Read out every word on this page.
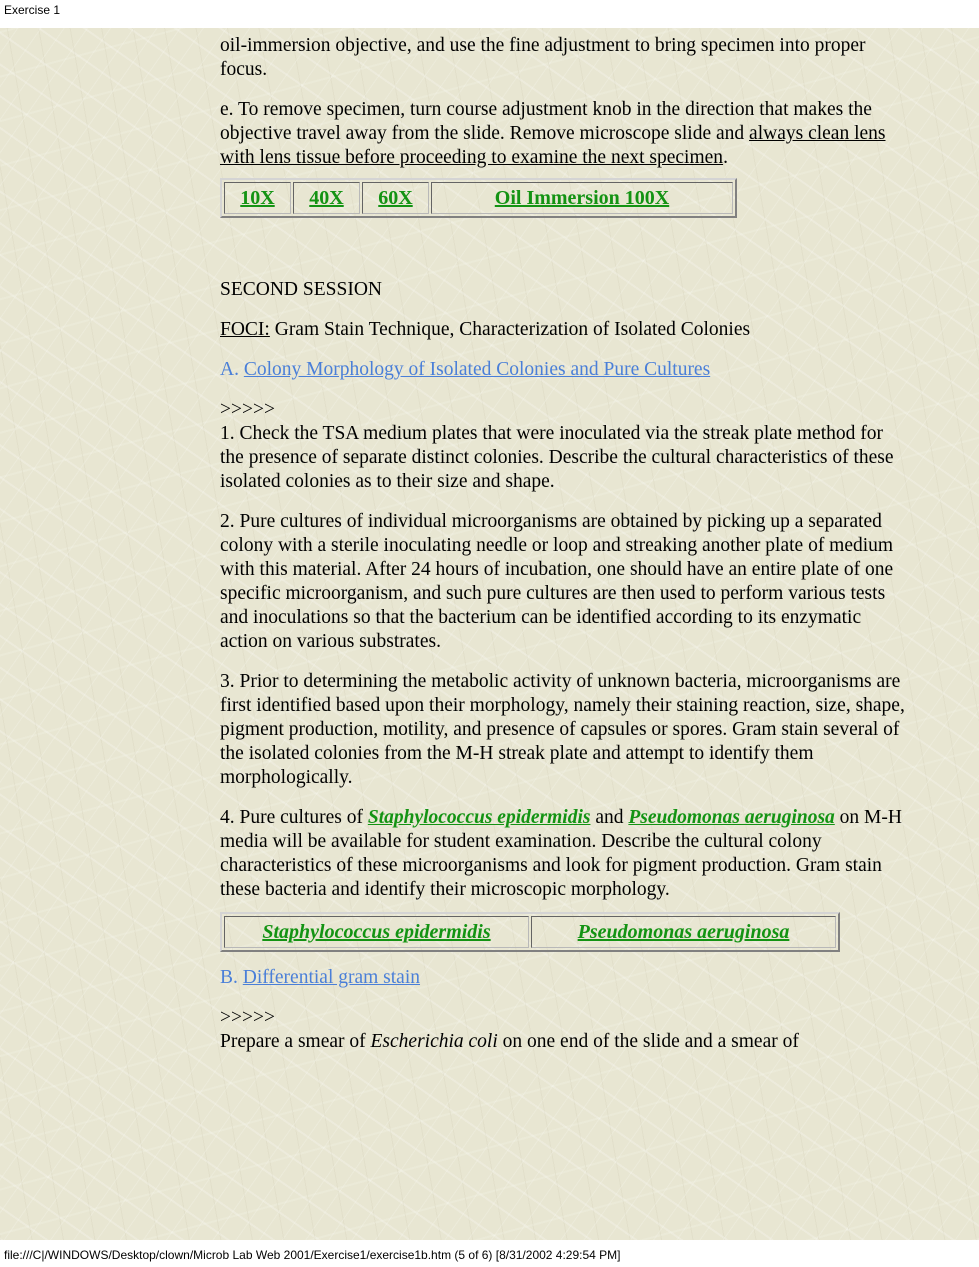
Exercise 1

oil-immersion objective, and use the fine adjustment to bring specimen into proper focus.

e. To remove specimen, turn course adjustment knob in the direction that makes the objective travel away from the slide. Remove microscope slide and always clean lens with lens tissue before proceeding to examine the next specimen.

10X	40X	60X	Oil Immersion 100X

SECOND SESSION

FOCI: Gram Stain Technique, Characterization of Isolated Colonies

A. Colony Morphology of Isolated Colonies and Pure Cultures

>>>>>

1. Check the TSA medium plates that were inoculated via the streak plate method for the presence of separate distinct colonies. Describe the cultural characteristics of these isolated colonies as to their size and shape.

2. Pure cultures of individual microorganisms are obtained by picking up a separated colony with a sterile inoculating needle or loop and streaking another plate of medium with this material. After 24 hours of incubation, one should have an entire plate of one specific microorganism, and such pure cultures are then used to perform various tests and inoculations so that the bacterium can be identified according to its enzymatic action on various substrates.

3. Prior to determining the metabolic activity of unknown bacteria, microorganisms are first identified based upon their morphology, namely their staining reaction, size, shape, pigment production, motility, and presence of capsules or spores. Gram stain several of the isolated colonies from the M-H streak plate and attempt to identify them morphologically.

4. Pure cultures of Staphylococcus epidermidis and Pseudomonas aeruginosa on M-H media will be available for student examination. Describe the cultural colony characteristics of these microorganisms and look for pigment production. Gram stain these bacteria and identify their microscopic morphology.

Staphylococcus epidermidis	Pseudomonas aeruginosa

B. Differential gram stain

>>>>>

Prepare a smear of Escherichia coli on one end of the slide and a smear of

file:///C|/WINDOWS/Desktop/clown/Microb Lab Web 2001/Exercise1/exercise1b.htm (5 of 6) [8/31/2002 4:29:54 PM]
